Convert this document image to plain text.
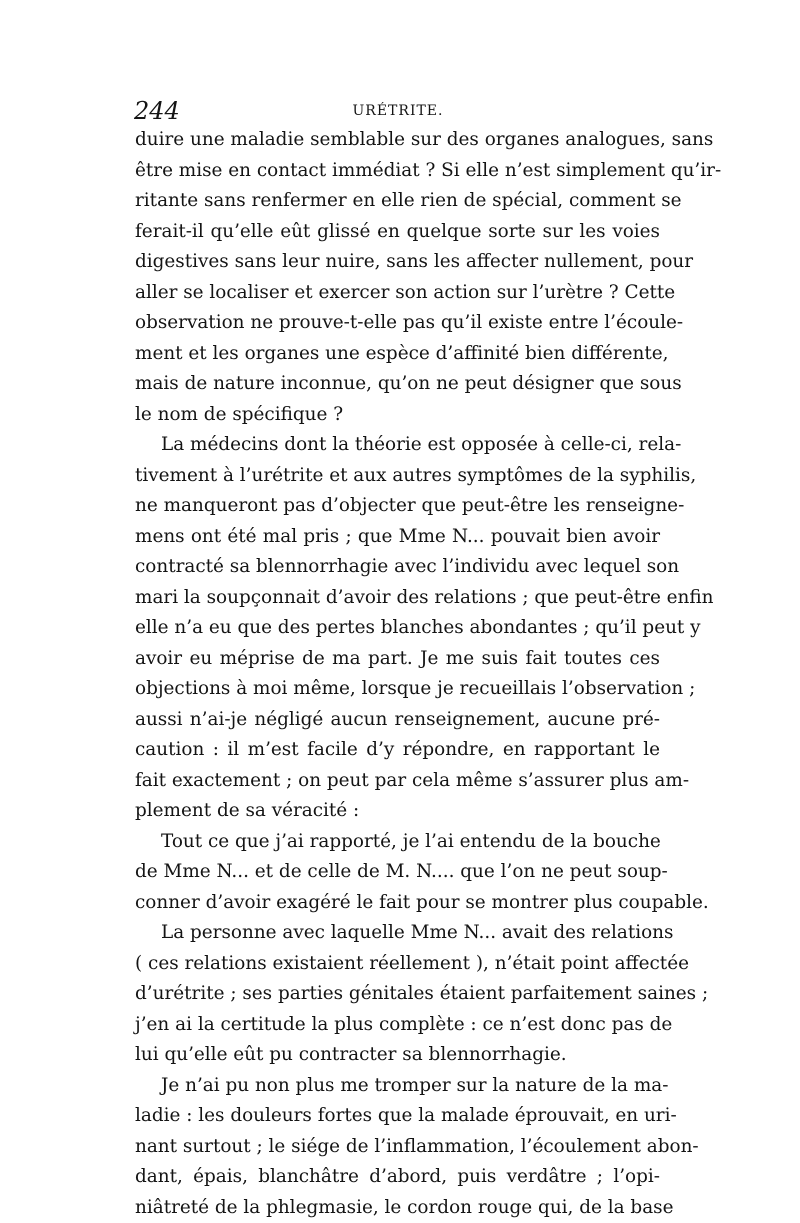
244	URÉTRITE.
duire une maladie semblable sur des organes analogues, sans
être mise en contact immédiat ? Si elle n’est simplement qu’ir-
ritante sans renfermer en elle rien de spécial, comment se
ferait-il qu’elle eût glissé en quelque sorte sur les voies
digestives sans leur nuire, sans les affecter nullement, pour
aller se localiser et exercer son action sur l’urètre ? Cette
observation ne prouve-t-elle pas qu’il existe entre l’écoule-
ment et les organes une espèce d’affinité bien différente,
mais de nature inconnue, qu’on ne peut désigner que sous
le nom de spécifique ?
La médecins dont la théorie est opposée à celle-ci, rela-
tivement à l’urétrite et aux autres symptômes de la syphilis,
ne manqueront pas d’objecter que peut-être les renseigne-
mens ont été mal pris ; que Mme N... pouvait bien avoir
contracté sa blennorrhagie avec l’individu avec lequel son
mari la soupçonnait d’avoir des relations ; que peut-être enfin
elle n’a eu que des pertes blanches abondantes ; qu’il peut y
avoir eu méprise de ma part. Je me suis fait toutes ces
objections à moi même, lorsque je recueillais l’observation ;
aussi n’ai-je négligé aucun renseignement, aucune pré-
caution : il m’est facile d’y répondre, en rapportant le
fait exactement ; on peut par cela même s’assurer plus am-
plement de sa véracité :
Tout ce que j’ai rapporté, je l’ai entendu de la bouche
de Mme N... et de celle de M. N.... que l’on ne peut soup-
conner d’avoir exagéré le fait pour se montrer plus coupable.
La personne avec laquelle Mme N... avait des relations
( ces relations existaient réellement ), n’était point affectée
d’urétrite ; ses parties génitales étaient parfaitement saines ;
j’en ai la certitude la plus complète : ce n’est donc pas de
lui qu’elle eût pu contracter sa blennorrhagie.
Je n’ai pu non plus me tromper sur la nature de la ma-
ladie : les douleurs fortes que la malade éprouvait, en uri-
nant surtout ; le siége de l’inflammation, l’écoulement abon-
dant, épais, blanchâtre d’abord, puis verdâtre ; l’opi-
niâtreté de la phlegmasie, le cordon rouge qui, de la base
